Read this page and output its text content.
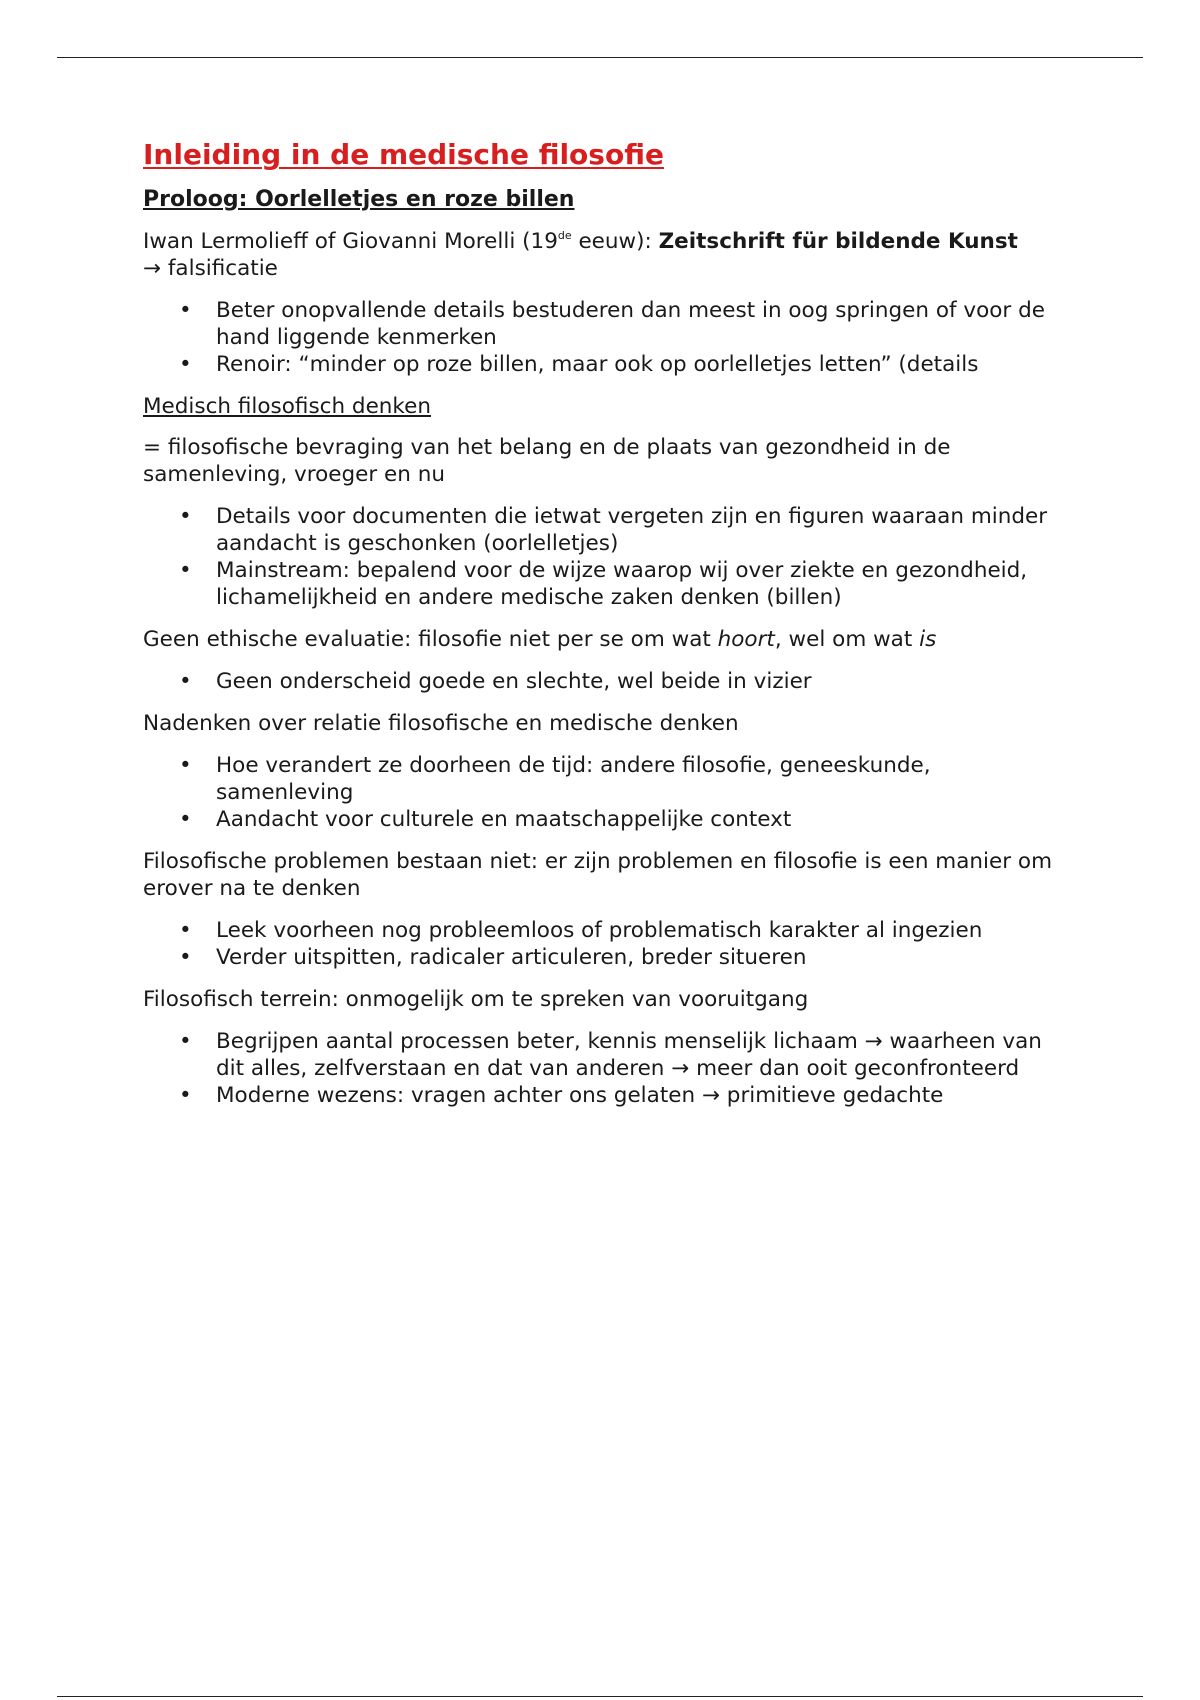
Inleiding in de medische filosofie
Proloog: Oorlelletjes en roze billen

Iwan Lermolieff of Giovanni Morelli (19de eeuw): Zeitschrift für bildende Kunst
→ falsificatie

• Beter onopvallende details bestuderen dan meest in oog springen of voor de hand liggende kenmerken
• Renoir: “minder op roze billen, maar ook op oorlelletjes letten” (details
Medisch filosofisch denken

= filosofische bevraging van het belang en de plaats van gezondheid in de samenleving, vroeger en nu

• Details voor documenten die ietwat vergeten zijn en figuren waaraan minder aandacht is geschonken (oorlelletjes)
• Mainstream: bepalend voor de wijze waarop wij over ziekte en gezondheid, lichamelijkheid en andere medische zaken denken (billen)

Geen ethische evaluatie: filosofie niet per se om wat hoort, wel om wat is

• Geen onderscheid goede en slechte, wel beide in vizier

Nadenken over relatie filosofische en medische denken

• Hoe verandert ze doorheen de tijd: andere filosofie, geneeskunde, samenleving
• Aandacht voor culturele en maatschappelijke context

Filosofische problemen bestaan niet: er zijn problemen en filosofie is een manier om erover na te denken

• Leek voorheen nog probleemloos of problematisch karakter al ingezien
• Verder uitspitten, radicaler articuleren, breder situeren

Filosofisch terrein: onmogelijk om te spreken van vooruitgang

• Begrijpen aantal processen beter, kennis menselijk lichaam → waarheen van dit alles, zelfverstaan en dat van anderen → meer dan ooit geconfronteerd
• Moderne wezens: vragen achter ons gelaten → primitieve gedachte
